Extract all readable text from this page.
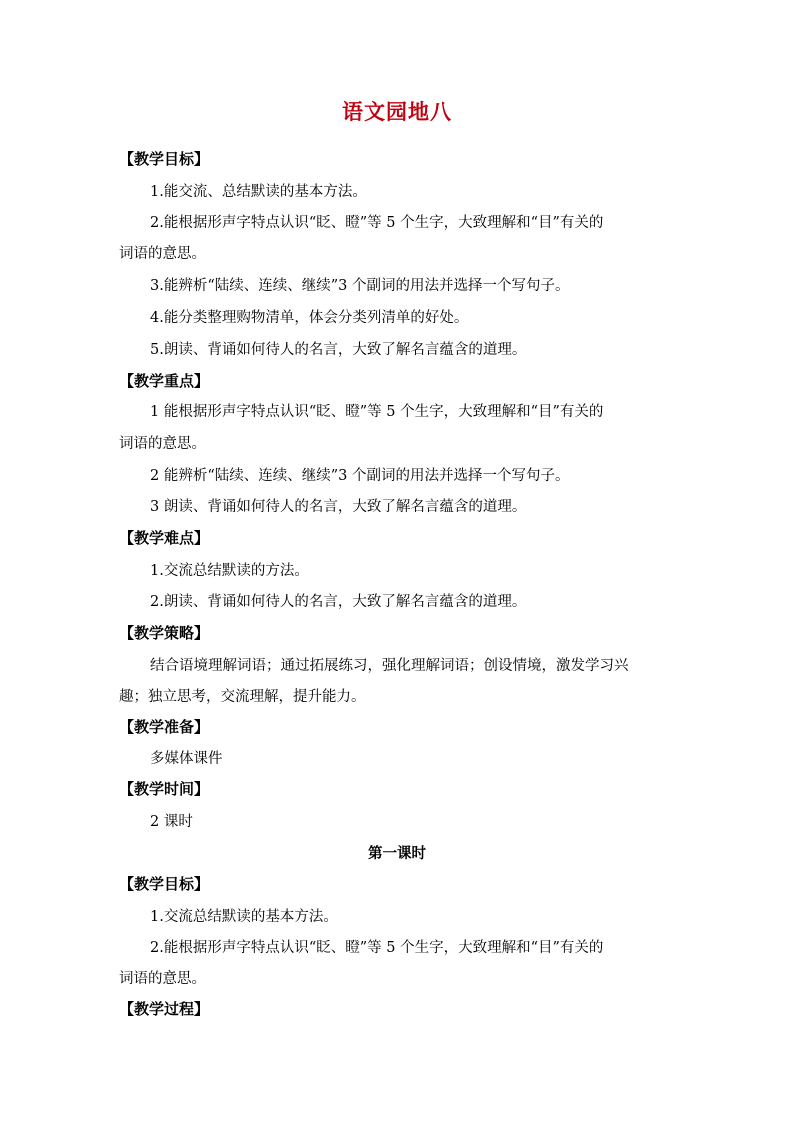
语文园地八
【教学目标】
1.能交流、总结默读的基本方法。
2.能根据形声字特点认识“眨、瞪”等 5 个生字，大致理解和“目”有关的
词语的意思。
3.能辨析“陆续、连续、继续”3 个副词的用法并选择一个写句子。
4.能分类整理购物清单，体会分类列清单的好处。
5.朗读、背诵如何待人的名言，大致了解名言蕴含的道理。
【教学重点】
1 能根据形声字特点认识“眨、瞪”等 5 个生字，大致理解和“目”有关的
词语的意思。
2 能辨析“陆续、连续、继续”3 个副词的用法并选择一个写句子。
3 朗读、背诵如何待人的名言，大致了解名言蕴含的道理。
【教学难点】
1.交流总结默读的方法。
2.朗读、背诵如何待人的名言，大致了解名言蕴含的道理。
【教学策略】
结合语境理解词语；通过拓展练习，强化理解词语；创设情境，激发学习兴
趣；独立思考，交流理解，提升能力。
【教学准备】
多媒体课件
【教学时间】
2 课时
第一课时
【教学目标】
1.交流总结默读的基本方法。
2.能根据形声字特点认识“眨、瞪”等 5 个生字，大致理解和“目”有关的
词语的意思。
【教学过程】
